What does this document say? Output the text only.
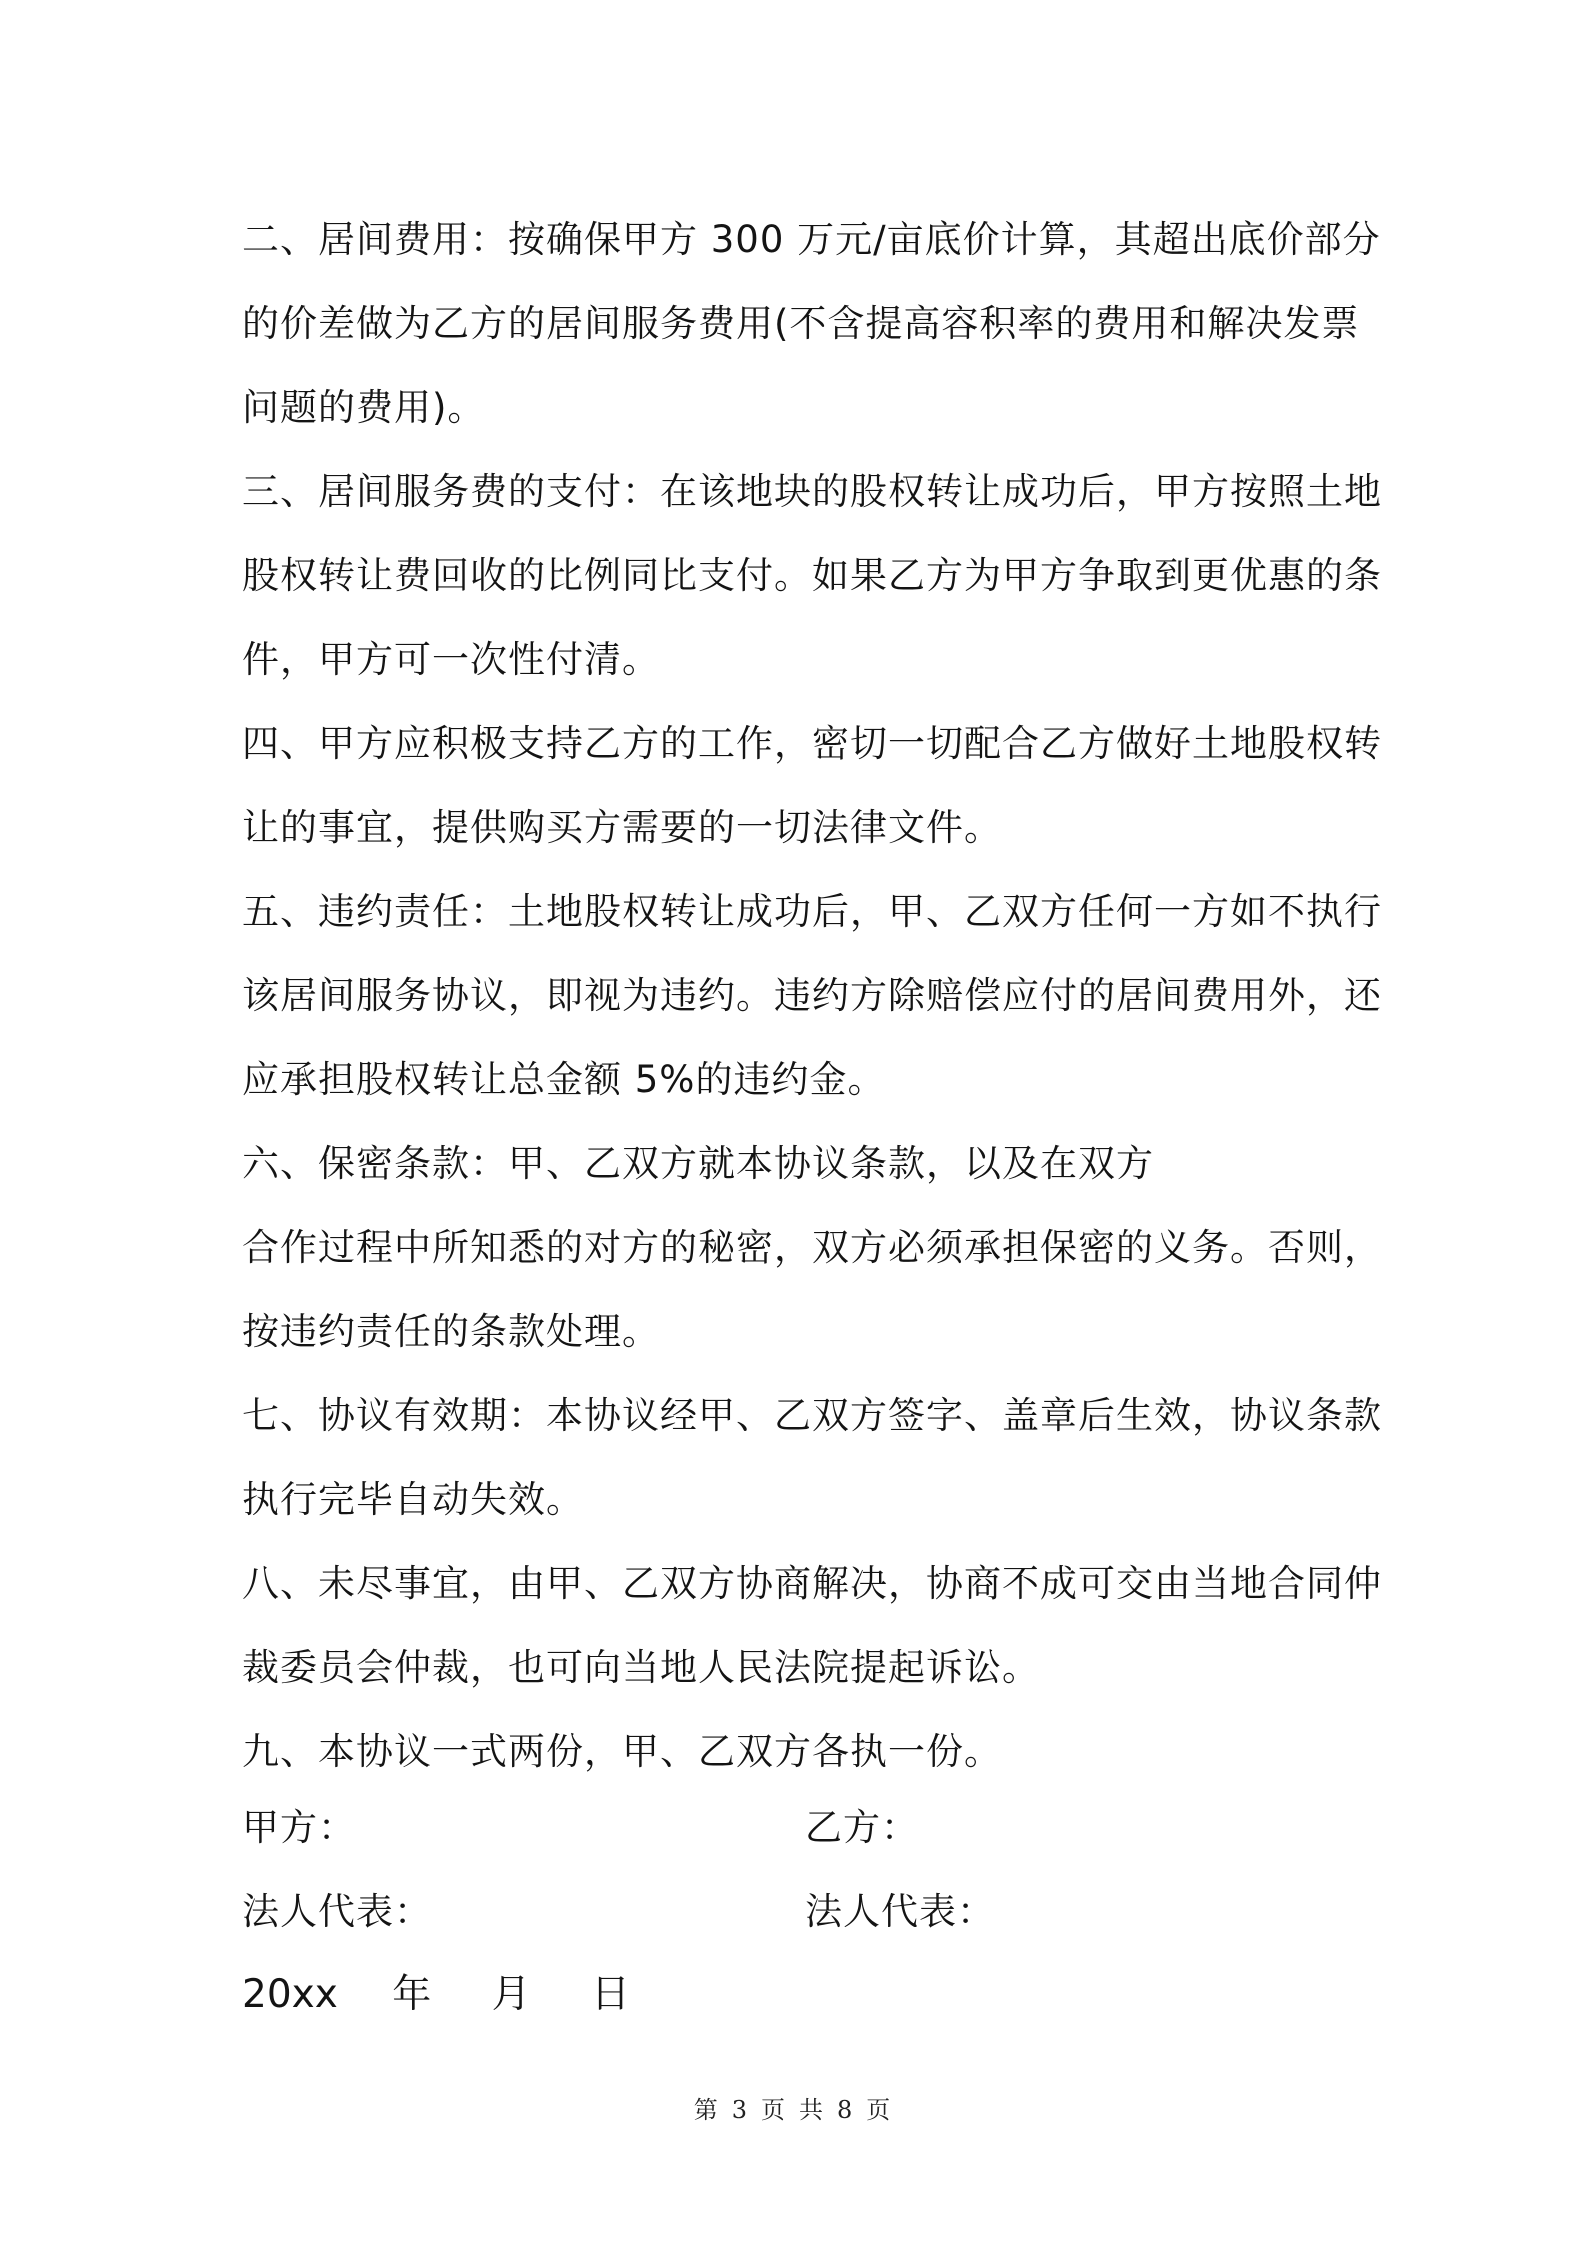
二、居间费用：按确保甲方 300 万元/亩底价计算，其超出底价部分
的价差做为乙方的居间服务费用(不含提高容积率的费用和解决发票
问题的费用)。

三、居间服务费的支付：在该地块的股权转让成功后，甲方按照土地
股权转让费回收的比例同比支付。如果乙方为甲方争取到更优惠的条
件，甲方可一次性付清。

四、甲方应积极支持乙方的工作，密切一切配合乙方做好土地股权转
让的事宜，提供购买方需要的一切法律文件。

五、违约责任：土地股权转让成功后，甲、乙双方任何一方如不执行
该居间服务协议，即视为违约。违约方除赔偿应付的居间费用外，还
应承担股权转让总金额 5%的违约金。

六、保密条款：甲、乙双方就本协议条款，以及在双方
合作过程中所知悉的对方的秘密，双方必须承担保密的义务。否则，
按违约责任的条款处理。

七、协议有效期：本协议经甲、乙双方签字、盖章后生效，协议条款
执行完毕自动失效。

八、未尽事宜，由甲、乙双方协商解决，协商不成可交由当地合同仲
裁委员会仲裁，也可向当地人民法院提起诉讼。

九、本协议一式两份，甲、乙双方各执一份。

甲方：	乙方：
法人代表：	法人代表：
20xx 年 月 日
第 3 页 共 8 页
